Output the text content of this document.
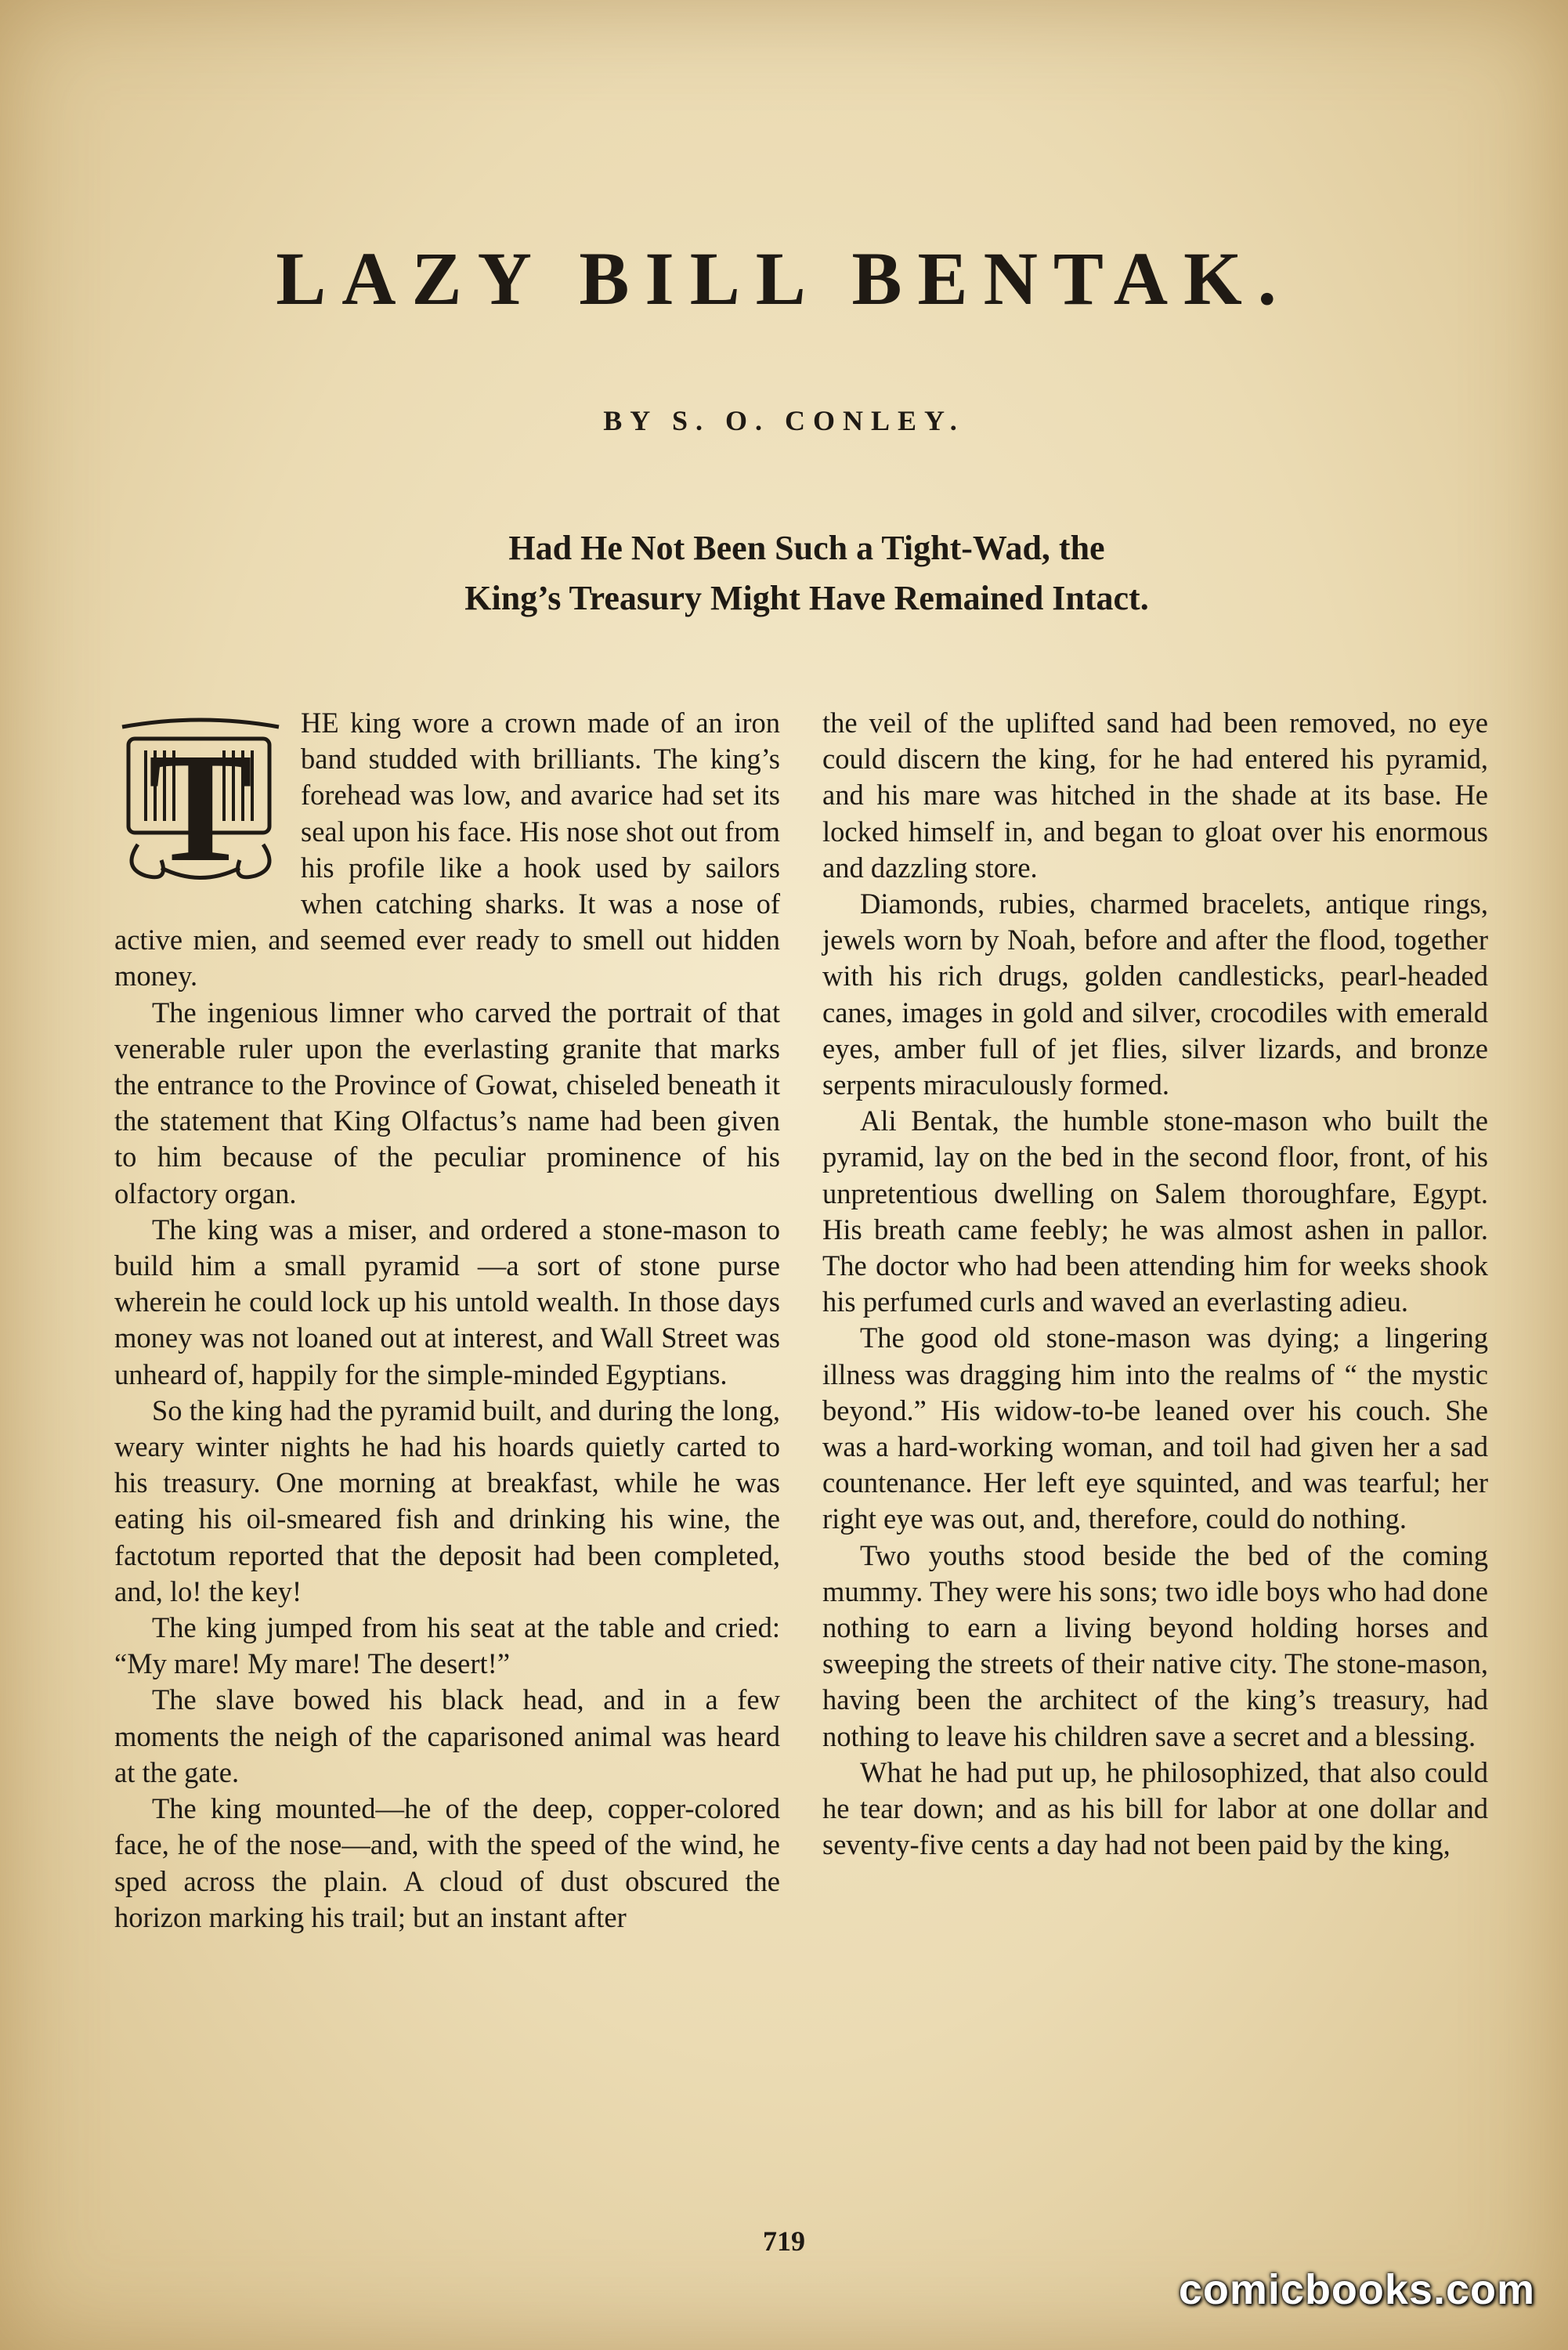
LAZY BILL BENTAK.

BY S. O. CONLEY.

Had He Not Been Such a Tight-Wad, the
King’s Treasury Might Have Remained Intact.
T	HE king wore a crown made of an iron band studded with brilliants. The king’s forehead was low, and avarice had set its seal upon his face. His nose shot out from his profile like a hook used by sailors when catching sharks. It was a nose of active mien, and seemed ever ready to smell out hidden money.

The ingenious limner who carved the portrait of that venerable ruler upon the everlasting granite that marks the entrance to the Province of Gowat, chiseled beneath it the statement that King Olfactus’s name had been given to him because of the peculiar prominence of his olfactory organ.

The king was a miser, and ordered a stone-mason to build him a small pyramid —a sort of stone purse wherein he could lock up his untold wealth. In those days money was not loaned out at interest, and Wall Street was unheard of, happily for the simple-minded Egyptians.

So the king had the pyramid built, and during the long, weary winter nights he had his hoards quietly carted to his treasury. One morning at breakfast, while he was eating his oil-smeared fish and drinking his wine, the factotum reported that the deposit had been completed, and, lo! the key!

The king jumped from his seat at the table and cried: “My mare! My mare! The desert!”

The slave bowed his black head, and in a few moments the neigh of the caparisoned animal was heard at the gate.

The king mounted—he of the deep, copper-colored face, he of the nose—and, with the speed of the wind, he sped across the plain. A cloud of dust obscured the horizon marking his trail; but an instant after

the veil of the uplifted sand had been removed, no eye could discern the king, for he had entered his pyramid, and his mare was hitched in the shade at its base. He locked himself in, and began to gloat over his enormous and dazzling store.

Diamonds, rubies, charmed bracelets, antique rings, jewels worn by Noah, before and after the flood, together with his rich drugs, golden candlesticks, pearl-headed canes, images in gold and silver, crocodiles with emerald eyes, amber full of jet flies, silver lizards, and bronze serpents miraculously formed.

Ali Bentak, the humble stone-mason who built the pyramid, lay on the bed in the second floor, front, of his unpretentious dwelling on Salem thoroughfare, Egypt. His breath came feebly; he was almost ashen in pallor. The doctor who had been attending him for weeks shook his perfumed curls and waved an everlasting adieu.

The good old stone-mason was dying; a lingering illness was dragging him into the realms of “ the mystic beyond.” His widow-to-be leaned over his couch. She was a hard-working woman, and toil had given her a sad countenance. Her left eye squinted, and was tearful; her right eye was out, and, therefore, could do nothing.

Two youths stood beside the bed of the coming mummy. They were his sons; two idle boys who had done nothing to earn a living beyond holding horses and sweeping the streets of their native city. The stone-mason, having been the architect of the king’s treasury, had nothing to leave his children save a secret and a blessing.

What he had put up, he philosophized, that also could he tear down; and as his bill for labor at one dollar and seventy-five cents a day had not been paid by the king,

719

comicbooks.com
